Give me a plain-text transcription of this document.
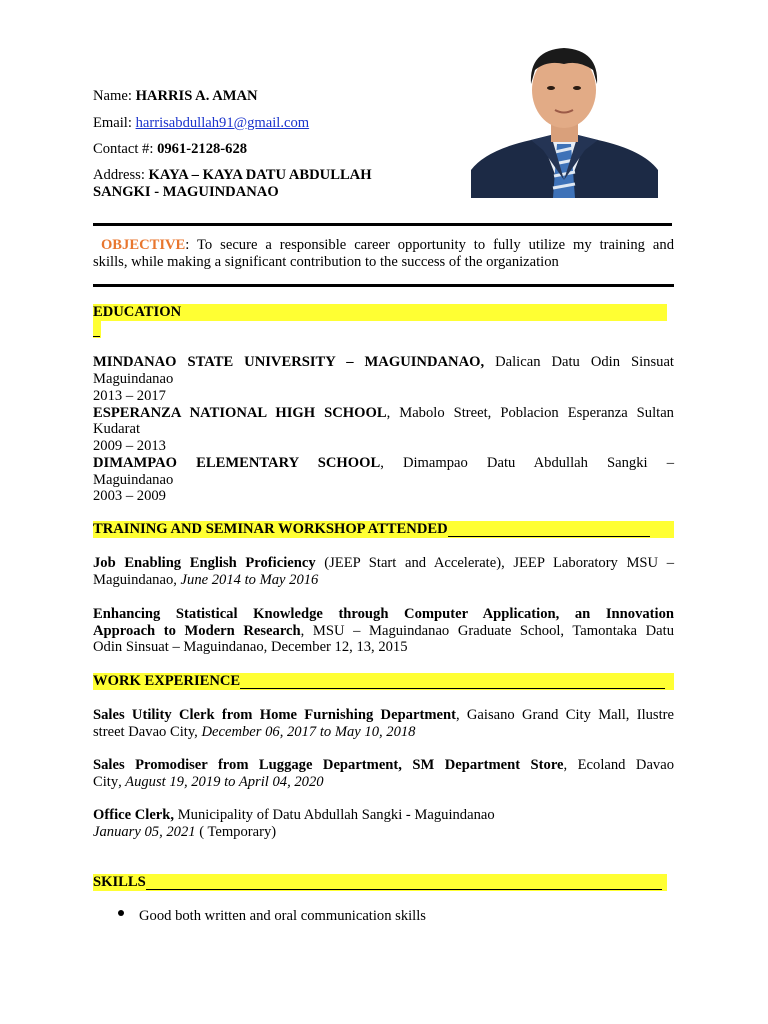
Name: HARRIS A. AMAN
Email: harrisabdullah91@gmail.com
Contact #: 0961-2128-628
Address: KAYA – KAYA DATU ABDULLAH
SANGKI - MAGUINDANAO
OBJECTIVE: To secure a responsible career opportunity to fully utilize my training and
skills, while making a significant contribution to the success of the organization
EDUCATION
MINDANAO STATE UNIVERSITY – MAGUINDANAO, Dalican Datu Odin Sinsuat
Maguindanao
2013 – 2017
ESPERANZA NATIONAL HIGH SCHOOL, Mabolo Street, Poblacion Esperanza Sultan
Kudarat
2009 – 2013
DIMAMPAO ELEMENTARY SCHOOL, Dimampao Datu Abdullah Sangki –
Maguindanao
2003 – 2009
TRAINING AND SEMINAR WORKSHOP ATTENDED
Job Enabling English Proficiency (JEEP Start and Accelerate), JEEP Laboratory MSU –
Maguindanao, June 2014 to May 2016
Enhancing Statistical Knowledge through Computer Application, an Innovation
Approach to Modern Research, MSU – Maguindanao Graduate School, Tamontaka Datu
Odin Sinsuat – Maguindanao, December 12, 13, 2015
WORK EXPERIENCE
Sales Utility Clerk from Home Furnishing Department, Gaisano Grand City Mall, Ilustre
street Davao City, December 06, 2017 to May 10, 2018
Sales Promodiser from Luggage Department, SM Department Store, Ecoland Davao
City, August 19, 2019 to April 04, 2020
Office Clerk, Municipality of Datu Abdullah Sangki - Maguindanao
January 05, 2021 ( Temporary)
SKILLS
Good both written and oral communication skills
